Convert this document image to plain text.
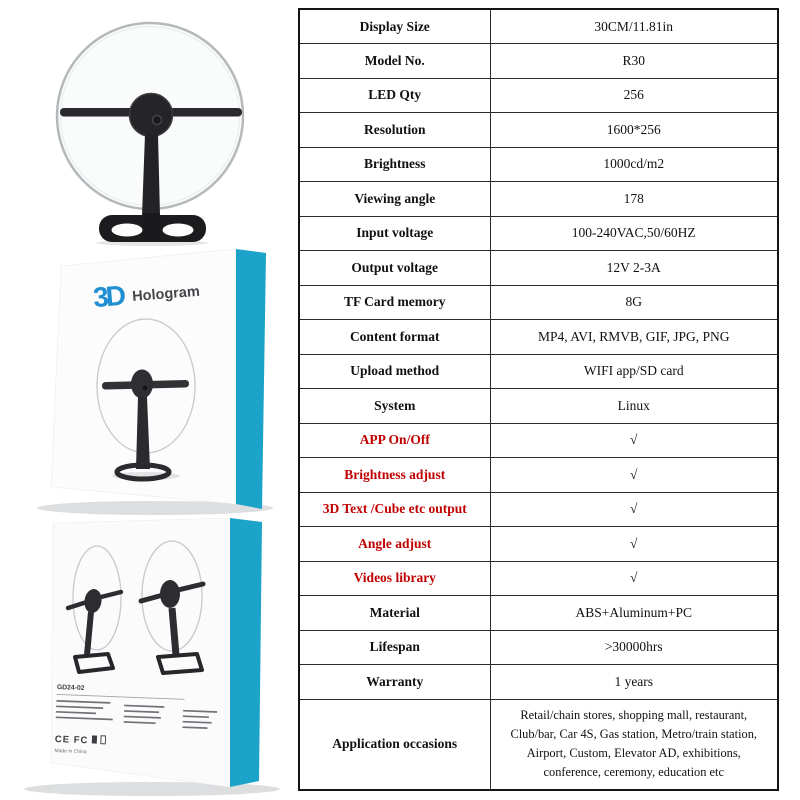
3D Hologram
GD24-02
CE FC
Made in China
Display Size	30CM/11.81in
Model No.	R30
LED Qty	256
Resolution	1600*256
Brightness	1000cd/m2
Viewing angle	178
Input voltage	100-240VAC,50/60HZ
Output voltage	12V 2-3A
TF Card memory	8G
Content format	MP4, AVI, RMVB, GIF, JPG, PNG
Upload method	WIFI app/SD card
System	Linux
APP On/Off	√
Brightness adjust	√
3D Text /Cube etc output	√
Angle adjust	√
Videos library	√
Material	ABS+Aluminum+PC
Lifespan	>30000hrs
Warranty	1 years
Application occasions	Retail/chain stores, shopping mall, restaurant, Club/bar, Car 4S, Gas station, Metro/train station, Airport, Custom, Elevator AD, exhibitions, conference, ceremony, education etc
